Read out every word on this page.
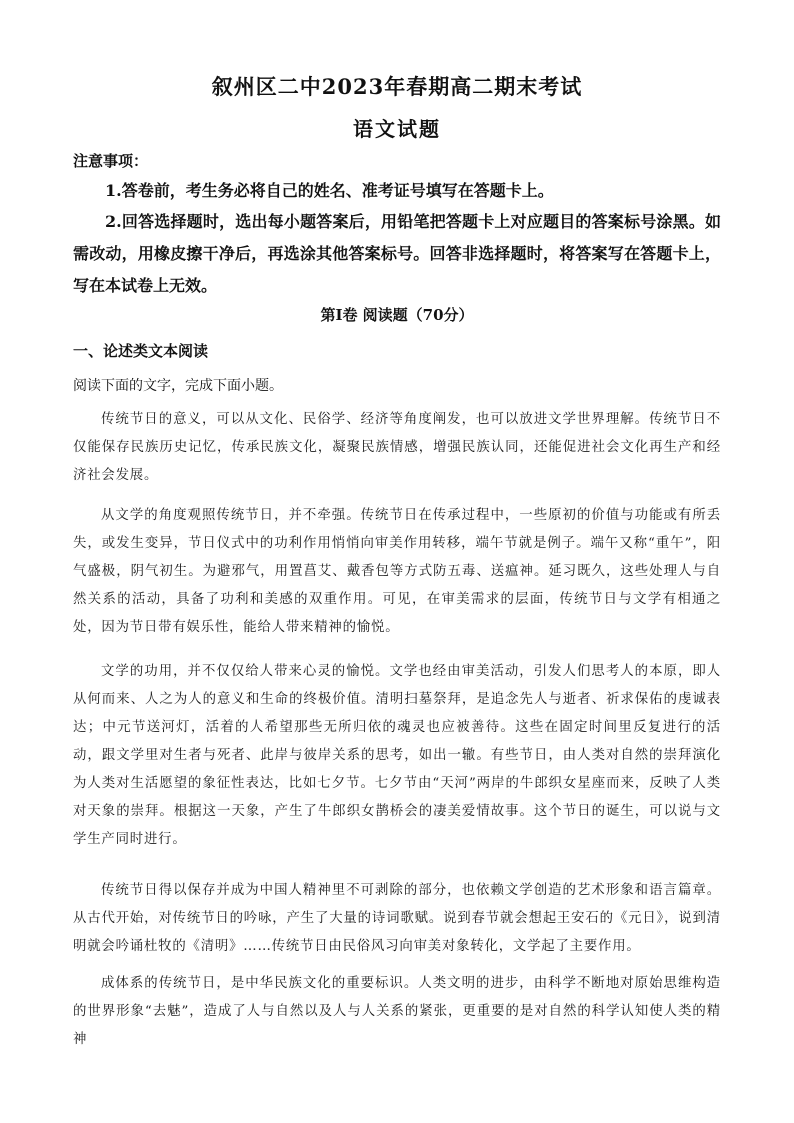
叙州区二中2023年春期高二期末考试
语文试题
注意事项：

1.答卷前，考生务必将自己的姓名、准考证号填写在答题卡上。

2.回答选择题时，选出每小题答案后，用铅笔把答题卡上对应题目的答案标号涂黑。如需改动，用橡皮擦干净后，再选涂其他答案标号。回答非选择题时，将答案写在答题卡上，写在本试卷上无效。

第Ⅰ卷 阅读题（70分）
一、论述类文本阅读
阅读下面的文字，完成下面小题。

传统节日的意义，可以从文化、民俗学、经济等角度阐发，也可以放进文学世界理解。传统节日不仅能保存民族历史记忆，传承民族文化，凝聚民族情感，增强民族认同，还能促进社会文化再生产和经济社会发展。

从文学的角度观照传统节日，并不牵强。传统节日在传承过程中，一些原初的价值与功能或有所丢失，或发生变异，节日仪式中的功利作用悄悄向审美作用转移，端午节就是例子。端午又称“重午”，阳气盛极，阴气初生。为避邪气，用置菖艾、戴香包等方式防五毒、送瘟神。延习既久，这些处理人与自然关系的活动，具备了功利和美感的双重作用。可见，在审美需求的层面，传统节日与文学有相通之处，因为节日带有娱乐性，能给人带来精神的愉悦。

文学的功用，并不仅仅给人带来心灵的愉悦。文学也经由审美活动，引发人们思考人的本原，即人从何而来、人之为人的意义和生命的终极价值。清明扫墓祭拜，是追念先人与逝者、祈求保佑的虔诚表达；中元节送河灯，活着的人希望那些无所归依的魂灵也应被善待。这些在固定时间里反复进行的活动，跟文学里对生者与死者、此岸与彼岸关系的思考，如出一辙。有些节日，由人类对自然的崇拜演化为人类对生活愿望的象征性表达，比如七夕节。七夕节由“天河”两岸的牛郎织女星座而来，反映了人类对天象的崇拜。根据这一天象，产生了牛郎织女鹊桥会的凄美爱情故事。这个节日的诞生，可以说与文学生产同时进行。

传统节日得以保存并成为中国人精神里不可剥除的部分，也依赖文学创造的艺术形象和语言篇章。从古代开始，对传统节日的吟咏，产生了大量的诗词歌赋。说到春节就会想起王安石的《元日》，说到清明就会吟诵杜牧的《清明》……传统节日由民俗风习向审美对象转化，文学起了主要作用。

成体系的传统节日，是中华民族文化的重要标识。人类文明的进步，由科学不断地对原始思维构造的世界形象“去魅”，造成了人与自然以及人与人关系的紧张，更重要的是对自然的科学认知使人类的精神
